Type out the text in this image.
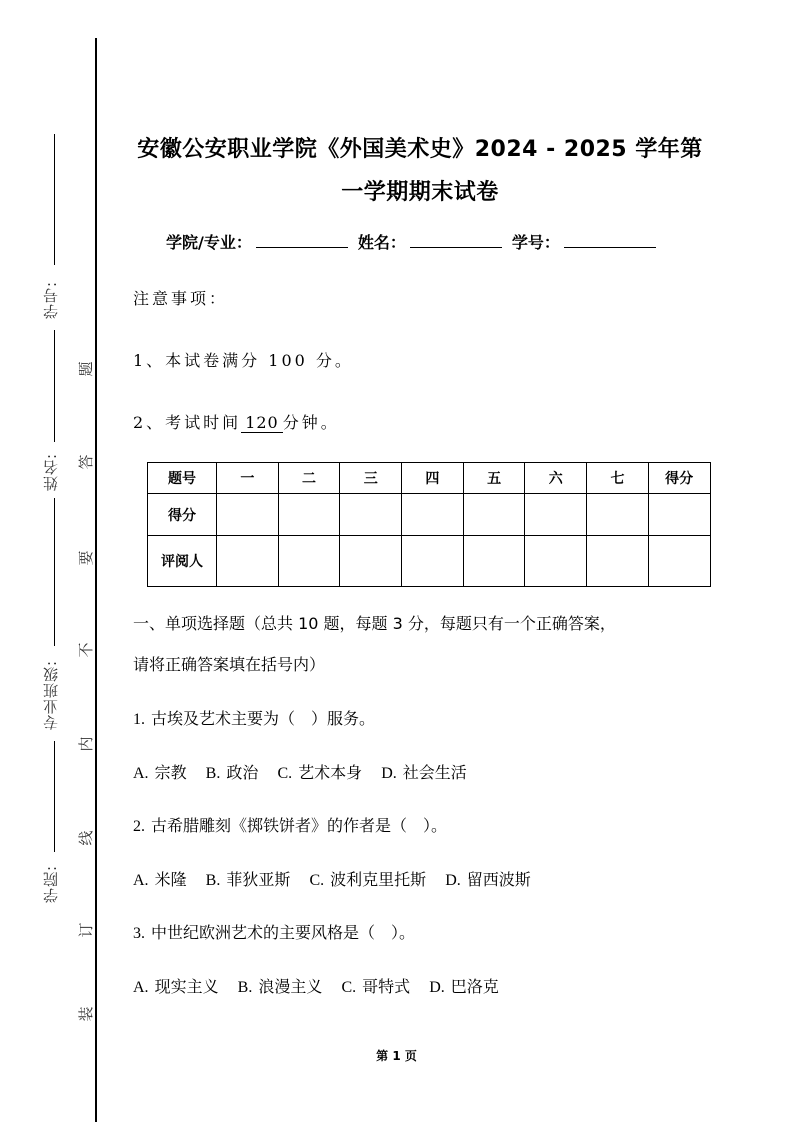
学号:
姓名:
专业班级:
学院:
题
答
要
不
内
线
订
装
安徽公安职业学院《外国美术史》2024 - 2025 学年第
一学期期末试卷
学院/专业：	姓名：	学号：
注意事项：
1、本试卷满分 100 分。
2、考试时间 120 分钟。
题号	一	二	三	四	五	六	七	得分
得分								
评阅人								
一、单项选择题（总共 10 题，每题 3 分，每题只有一个正确答案，
请将正确答案填在括号内）
1. 古埃及艺术主要为（　）服务。
A. 宗教 B. 政治 C. 艺术本身 D. 社会生活
2. 古希腊雕刻《掷铁饼者》的作者是（　）。
A. 米隆 B. 菲狄亚斯 C. 波利克里托斯 D. 留西波斯
3. 中世纪欧洲艺术的主要风格是（　）。
A. 现实主义 B. 浪漫主义 C. 哥特式 D. 巴洛克
第 1 页
